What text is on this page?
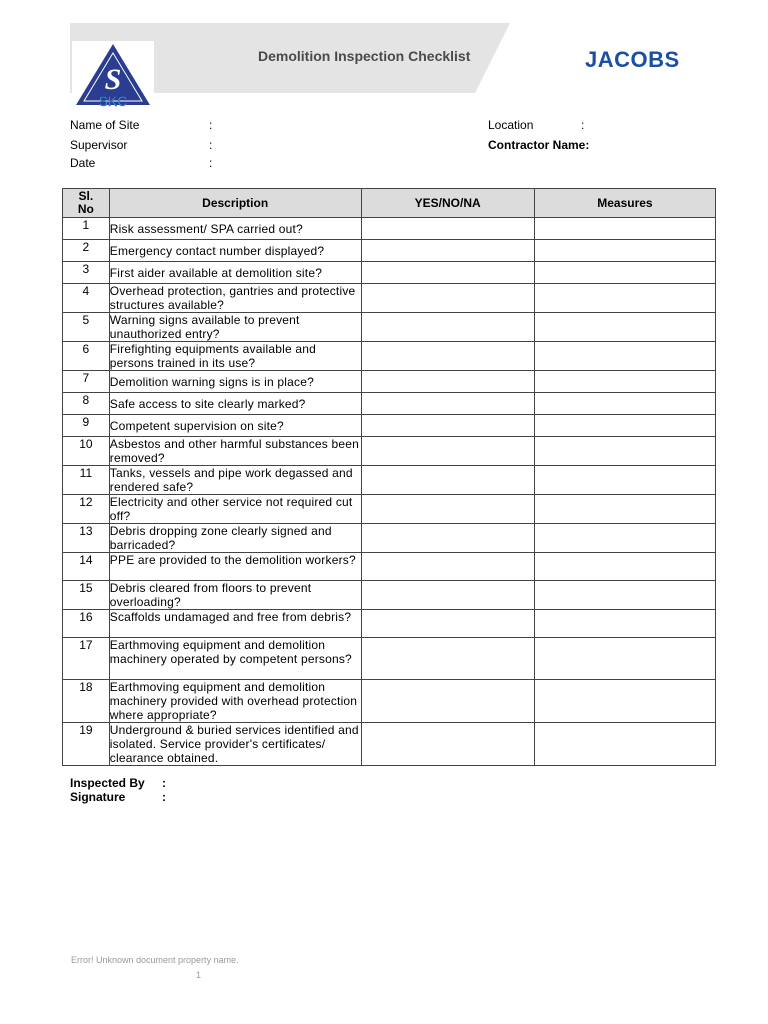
S
SKC
Demolition Inspection Checklist	JACOBS
Name of Site	:
Supervisor	:
Date	:
Location	:
Contractor Name:
Sl.
No	Description	YES/NO/NA	Measures
1	Risk assessment/ SPA carried out?		
2	Emergency contact number displayed?		
3	First aider available at demolition site?		
4	Overhead protection, gantries and protective structures available?		
5	Warning signs available to prevent unauthorized entry?		
6	Firefighting equipments available and persons trained in its use?		
7	Demolition warning signs is in place?		
8	Safe access to site clearly marked?		
9	Competent supervision on site?		
10	Asbestos and other harmful substances been removed?		
11	Tanks, vessels and pipe work degassed and rendered safe?		
12	Electricity and other service not required cut off?		
13	Debris dropping zone clearly signed and barricaded?		
14	PPE are provided to the demolition workers?		
15	Debris cleared from floors to prevent overloading?		
16	Scaffolds undamaged and free from debris?		
17	Earthmoving equipment and demolition machinery operated by competent persons?		
18	Earthmoving equipment and demolition machinery provided with overhead protection where appropriate?		
19	Underground & buried services identified and isolated. Service provider's certificates/ clearance obtained.		
Inspected By :
Signature	:
Error! Unknown document property name.
1
